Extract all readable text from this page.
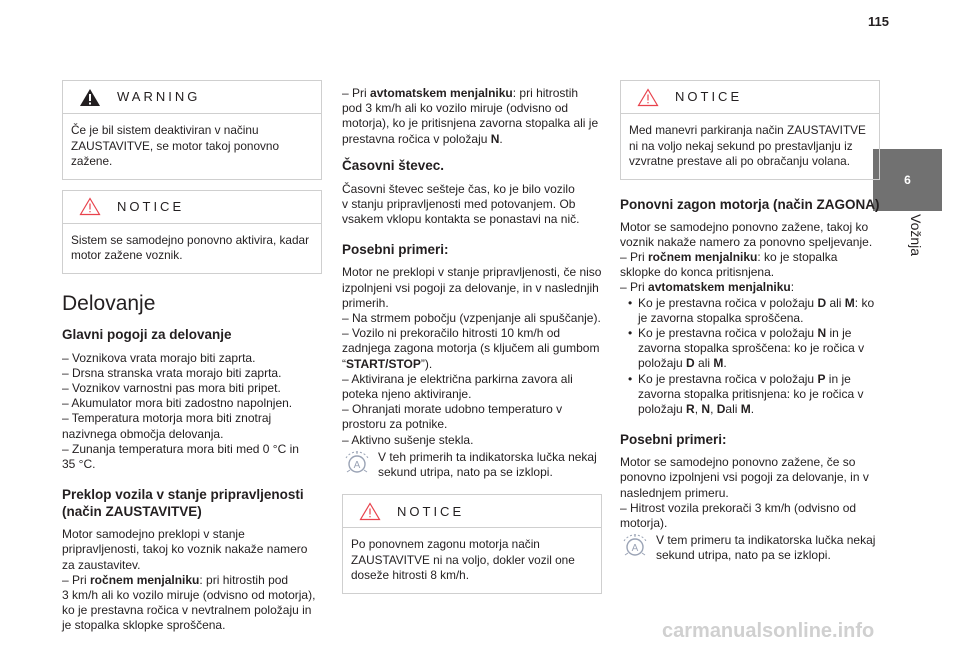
115
6
Vožnja
WARNING
Če je bil sistem deaktiviran v načinu ZAUSTAVITVE, se motor takoj ponovno zažene.
NOTICE
Sistem se samodejno ponovno aktivira, kadar motor zažene voznik.
Delovanje
Glavni pogoji za delovanje

– Voznikova vrata morajo biti zaprta.

– Drsna stranska vrata morajo biti zaprta.

– Voznikov varnostni pas mora biti pripet.

– Akumulator mora biti zadostno napolnjen.

– Temperatura motorja mora biti znotraj

nazivnega območja delovanja.

– Zunanja temperatura mora biti med 0 °C in

35 °C.

Preklop vozila v stanje pripravljenosti (način ZAUSTAVITVE)

Motor samodejno preklopi v stanje

pripravljenosti, takoj ko voznik nakaže namero

za zaustavitev.

– Pri ročnem menjalniku: pri hitrostih pod

3 km/h ali ko vozilo miruje (odvisno od motorja),

ko je prestavna ročica v nevtralnem položaju in

je stopalka sklopke sproščena.

– Pri avtomatskem menjalniku: pri hitrostih

pod 3 km/h ali ko vozilo miruje (odvisno od

motorja), ko je pritisnjena zavorna stopalka ali je

prestavna ročica v položaju N.

Časovni števec.

Časovni števec sešteje čas, ko je bilo vozilo

v stanju pripravljenosti med potovanjem. Ob

vsakem vklopu kontakta se ponastavi na nič.

Posebni primeri:

Motor ne preklopi v stanje pripravljenosti, če niso

izpolnjeni vsi pogoji za delovanje, in v naslednjih

primerih.

– Na strmem pobočju (vzpenjanje ali spuščanje).

– Vozilo ni prekoračilo hitrosti 10 km/h od

zadnjega zagona motorja (s ključem ali gumbom

“START/STOP”).

– Aktivirana je električna parkirna zavora ali

poteka njeno aktiviranje.

– Ohranjati morate udobno temperaturo v

prostoru za potnike.

– Aktivno sušenje stekla.

A

V teh primerih ta indikatorska lučka nekaj

sekund utripa, nato pa se izklopi.

NOTICE
Po ponovnem zagonu motorja način ZAUSTAVITVE ni na voljo, dokler vozil one doseže hitrosti 8 km/h.
NOTICE
Med manevri parkiranja način ZAUSTAVITVE ni na voljo nekaj sekund po prestavljanju iz vzvratne prestave ali po obračanju volana.
Ponovni zagon motorja (način ZAGONA)

Motor se samodejno ponovno zažene, takoj ko

voznik nakaže namero za ponovno speljevanje.

– Pri ročnem menjalniku: ko je stopalka

sklopke do konca pritisnjena.

– Pri avtomatskem menjalniku:

• Ko je prestavna ročica v položaju D ali M: ko

je zavorna stopalka sproščena.

• Ko je prestavna ročica v položaju N in je

zavorna stopalka sproščena: ko je ročica v

položaju D ali M.

• Ko je prestavna ročica v položaju P in je

zavorna stopalka pritisnjena: ko je ročica v

položaju R, N, Dali M.

Posebni primeri:

Motor se samodejno ponovno zažene, če so

ponovno izpolnjeni vsi pogoji za delovanje, in v

naslednjem primeru.

– Hitrost vozila prekorači 3 km/h (odvisno od

motorja).

A

V tem primeru ta indikatorska lučka nekaj

sekund utripa, nato pa se izklopi.

carmanualsonline.info
